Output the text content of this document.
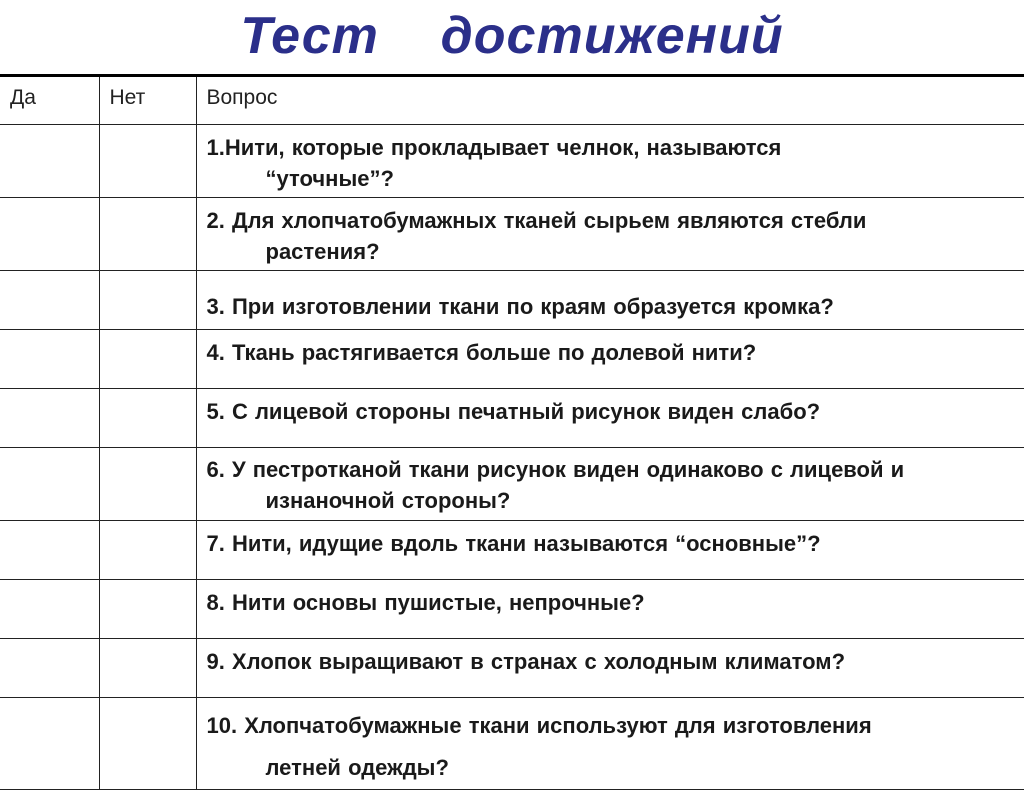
Тест    достижений
Да	Нет	Вопрос

		1.Нити, которые прокладывает челнок, называются
“уточные”?

		2. Для хлопчатобумажных тканей сырьем являются стебли
растения?

		3. При изготовлении ткани по краям образуется кромка?

		4. Ткань растягивается больше по долевой нити?

		5. С лицевой стороны печатный рисунок виден слабо?

		6. У пестротканой ткани рисунок виден одинаково с лицевой и
изнаночной стороны?

		7. Нити, идущие вдоль ткани называются “основные”?

		8. Нити основы пушистые, непрочные?

		9. Хлопок выращивают в странах с холодным климатом?

		10. Хлопчатобумажные ткани используют для изготовления
летней одежды?
